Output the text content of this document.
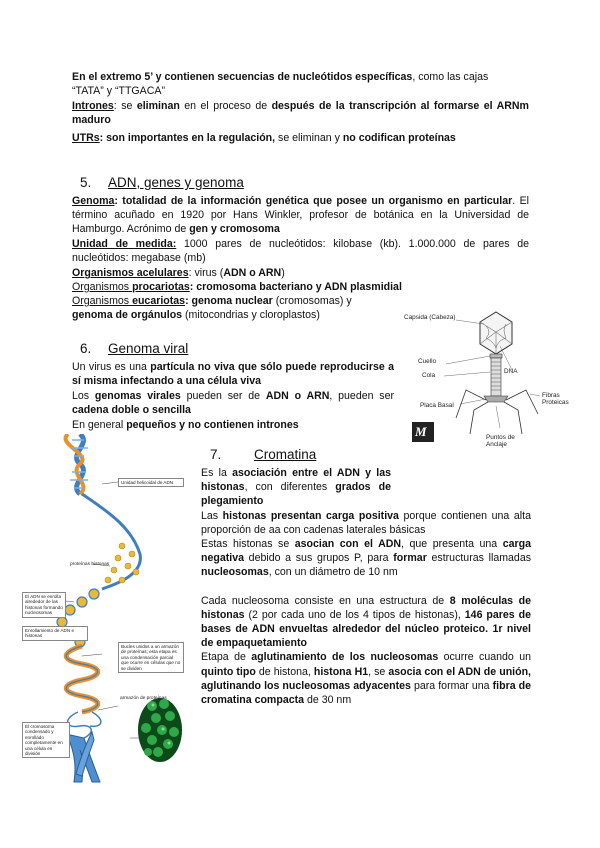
En el extremo 5’ y contienen secuencias de nucleótidos específicas, como las cajas
“TATA” y “TTGACA”
Intrones: se eliminan en el proceso de después de la transcripción al formarse el ARNm maduro
UTRs: son importantes en la regulación, se eliminan y no codifican proteínas
5. ADN, genes y genoma
Genoma: totalidad de la información genética que posee un organismo en particular. El término acuñado en 1920 por Hans Winkler, profesor de botánica en la Universidad de Hamburgo. Acrónimo de gen y cromosoma
Unidad de medida: 1000 pares de nucleótidos: kilobase (kb). 1.000.000 de pares de nucleótidos: megabase (mb)
Organismos acelulares: virus (ADN o ARN)
Organismos procariotas: cromosoma bacteriano y ADN plasmidial
Organismos eucariotas: genoma nuclear (cromosomas) y
genoma de orgánulos (mitocondrias y cloroplastos)
6. Genoma viral
Un virus es una partícula no viva que sólo puede reproducirse a sí misma infectando a una célula viva
Los genomas virales pueden ser de ADN o ARN, pueden ser cadena doble o sencilla
En general pequeños y no contienen intrones
Capsida (Cabeza)
DNA
Cuello
Cola
Fibras Proteicas
Placa Basal
Puntos de Anclaje
M
7. Cromatina
Es la asociación entre el ADN y las histonas, con diferentes grados de plegamiento
Las histonas presentan carga positiva porque contienen una alta proporción de aa con cadenas laterales básicas
Estas histonas se asocian con el ADN, que presenta una carga negativa debido a sus grupos P, para formar estructuras llamadas nucleosomas, con un diámetro de 10 nm
Cada nucleosoma consiste en una estructura de 8 moléculas de histonas (2 por cada uno de los 4 tipos de histonas), 146 pares de bases de ADN envueltas alrededor del núcleo proteico. 1r nivel de empaquetamiento
Etapa de aglutinamiento de los nucleosomas ocurre cuando un quinto tipo de histona, histona H1, se asocia con el ADN de unión, aglutinando los nucleosomas adyacentes para formar una fibra de cromatina compacta de 30 nm
Unidad helicoidal de ADN
proteínas histonas
El ADN se enrolla alrededor de las histonas formando nucleosomas
Enrollamiento de ADN e histonas
Bucles unidos a un armazón de proteínas; esta etapa es una condensación parcial que ocurre en células que no se dividen
armazón de proteínas
El cromosoma condensado y enrollado completamente en una célula en división
